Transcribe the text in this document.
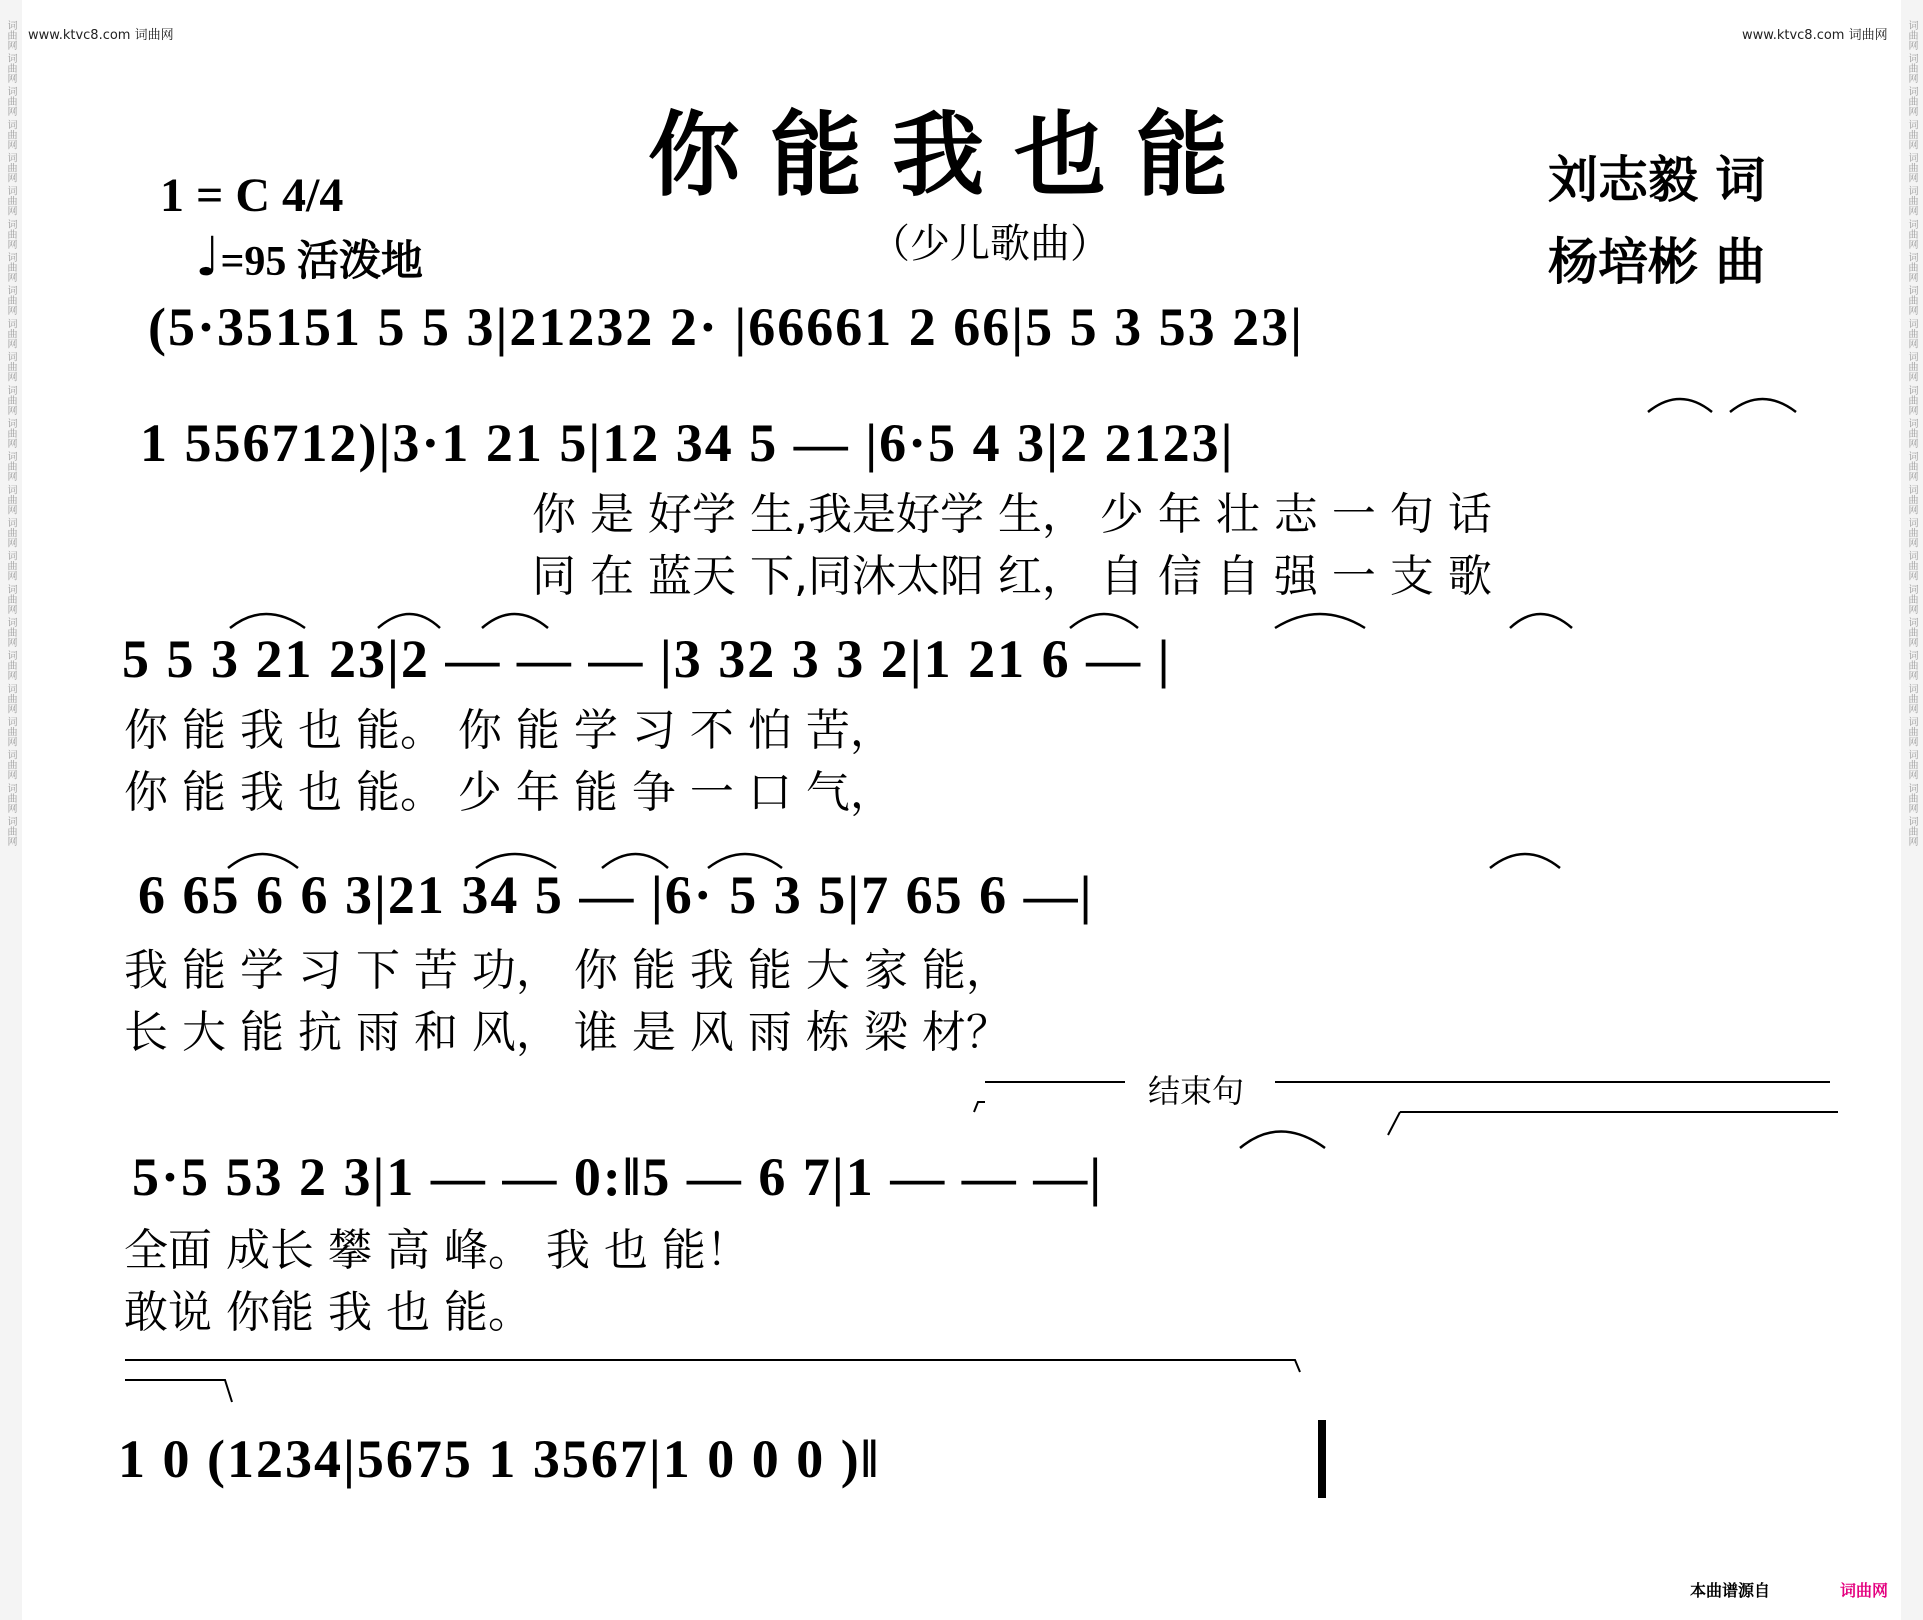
词曲网 词曲网 词曲网 词曲网 词曲网 词曲网 词曲网 词曲网 词曲网 词曲网 词曲网 词曲网 词曲网 词曲网 词曲网 词曲网 词曲网 词曲网 词曲网 词曲网 词曲网 词曲网 词曲网 词曲网 词曲网	词曲网 词曲网 词曲网 词曲网 词曲网 词曲网 词曲网 词曲网 词曲网 词曲网 词曲网 词曲网 词曲网 词曲网 词曲网 词曲网 词曲网 词曲网 词曲网 词曲网 词曲网 词曲网 词曲网 词曲网 词曲网
www.ktvc8.com 词曲网	www.ktvc8.com 词曲网
你能我也能
（少儿歌曲）
1 = C 4/4
♩=95 活泼地
刘志毅 词
杨培彬 曲
(5·35151 5 5 3|21232 2· |66661 2 66|5 5 3 53 23|
1 556712)|3·1 21 5|12 34 5 — |6·5 4 3|2 2123|
你 是 好学 生,我是好学 生， 少 年 壮 志 一 句 话
同 在 蓝天 下,同沐太阳 红， 自 信 自 强 一 支 歌
5 5 3 21 23|2 — — — |3 32 3 3 2|1 21 6 — |
你 能 我 也 能。 你 能 学 习 不 怕 苦，
你 能 我 也 能。 少 年 能 争 一 口 气，
6 65 6 6 3|21 34 5 — |6· 5 3 5|7 65 6 —|
我 能 学 习 下 苦 功， 你 能 我 能 大 家 能，
长 大 能 抗 雨 和 风， 谁 是 风 雨 栋 梁 材？
结束句
5·5 53 2 3|1 — — 0:‖5 — 6 7|1 — — —|
全面 成长 攀 高 峰。 我 也 能！
敢说 你能 我 也 能。
1 0 (1234|5675 1 3567|1 0 0 0 )‖
本曲谱源自	词曲网
